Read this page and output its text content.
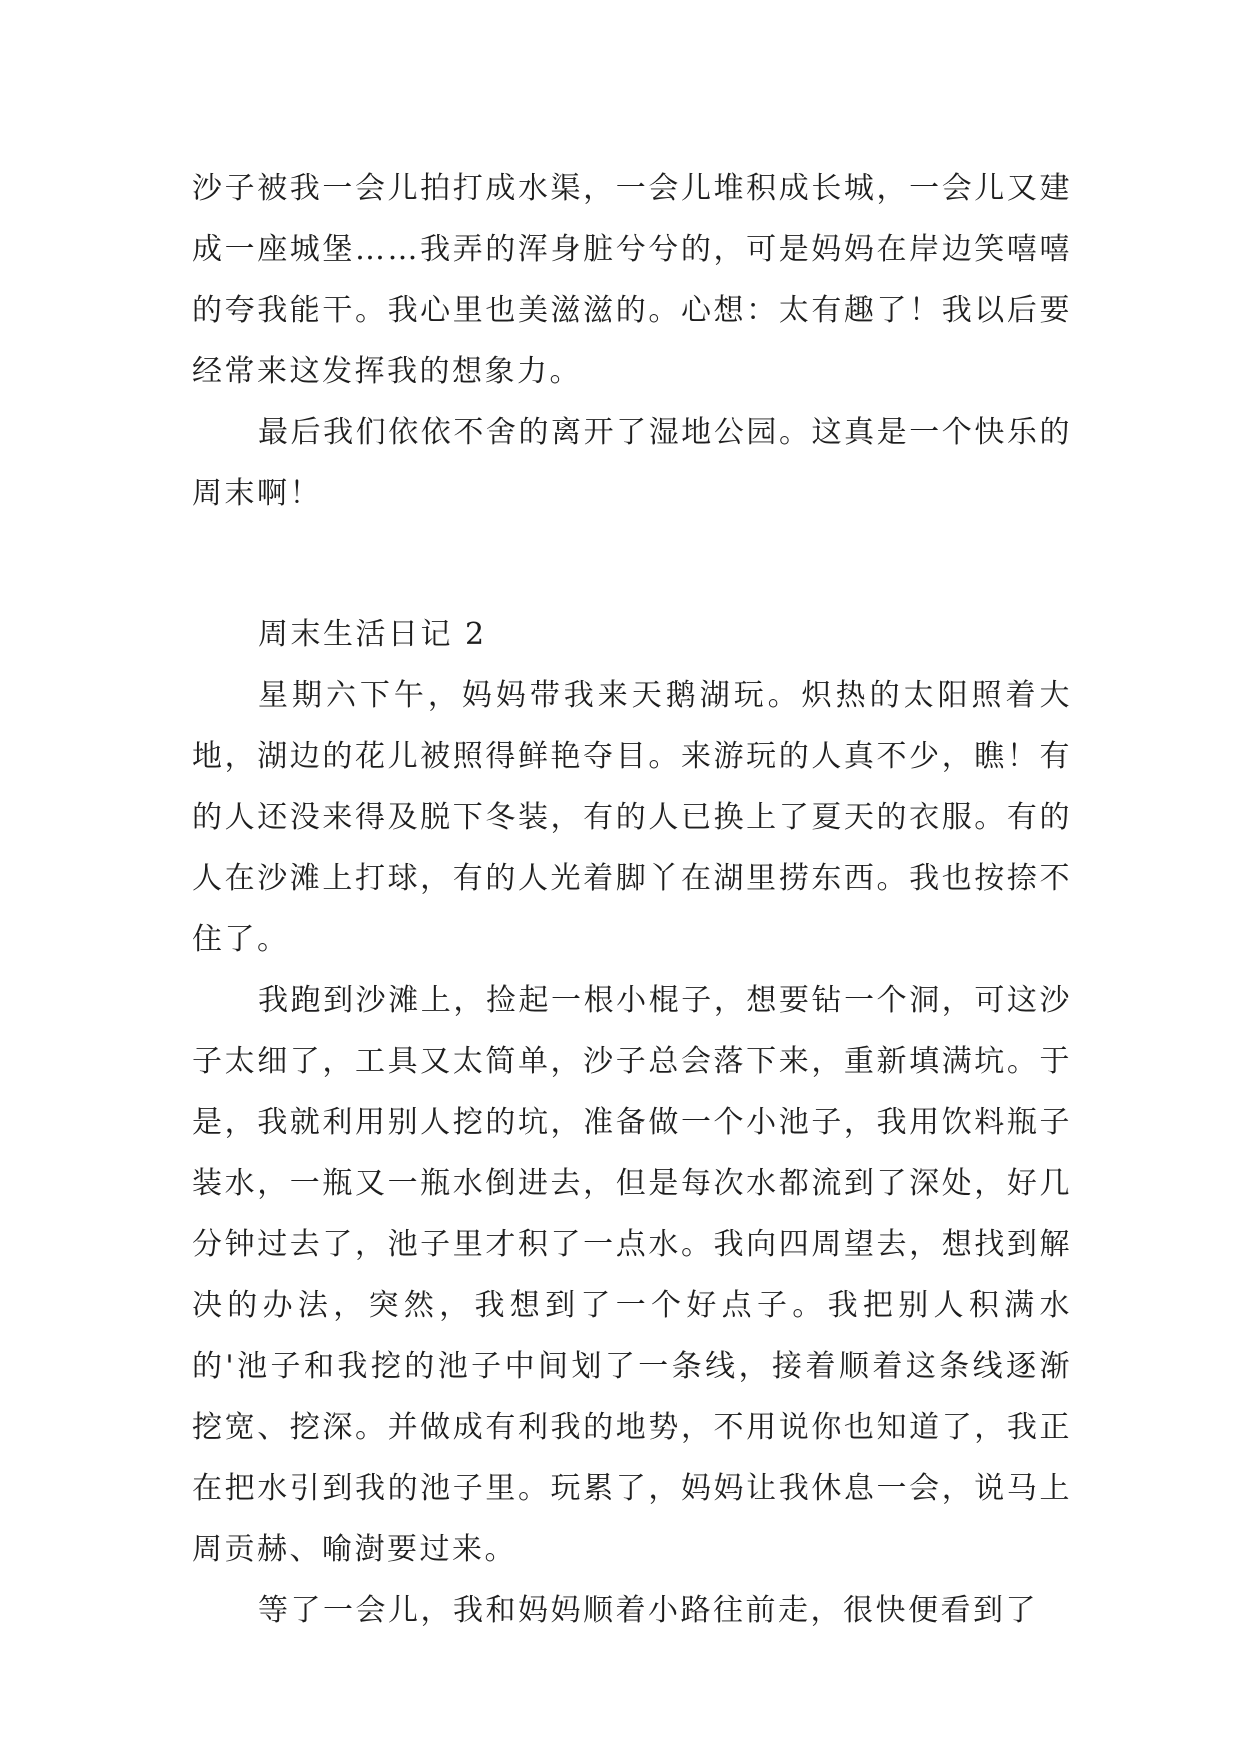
沙子被我一会儿拍打成水渠，一会儿堆积成长城，一会儿又建成一座城堡……我弄的浑身脏兮兮的，可是妈妈在岸边笑嘻嘻的夸我能干。我心里也美滋滋的。心想：太有趣了！我以后要经常来这发挥我的想象力。

最后我们依依不舍的离开了湿地公园。这真是一个快乐的周末啊！

周末生活日记 2

星期六下午，妈妈带我来天鹅湖玩。炽热的太阳照着大地，湖边的花儿被照得鲜艳夺目。来游玩的人真不少，瞧！有的人还没来得及脱下冬装，有的人已换上了夏天的衣服。有的人在沙滩上打球，有的人光着脚丫在湖里捞东西。我也按捺不住了。

我跑到沙滩上，捡起一根小棍子，想要钻一个洞，可这沙子太细了，工具又太简单，沙子总会落下来，重新填满坑。于是，我就利用别人挖的坑，准备做一个小池子，我用饮料瓶子装水，一瓶又一瓶水倒进去，但是每次水都流到了深处，好几分钟过去了，池子里才积了一点水。我向四周望去，想找到解决的办法，突然，我想到了一个好点子。我把别人积满水的'池子和我挖的池子中间划了一条线，接着顺着这条线逐渐挖宽、挖深。并做成有利我的地势，不用说你也知道了，我正在把水引到我的池子里。玩累了，妈妈让我休息一会，说马上周贡赫、喻澍要过来。

等了一会儿，我和妈妈顺着小路往前走，很快便看到了
